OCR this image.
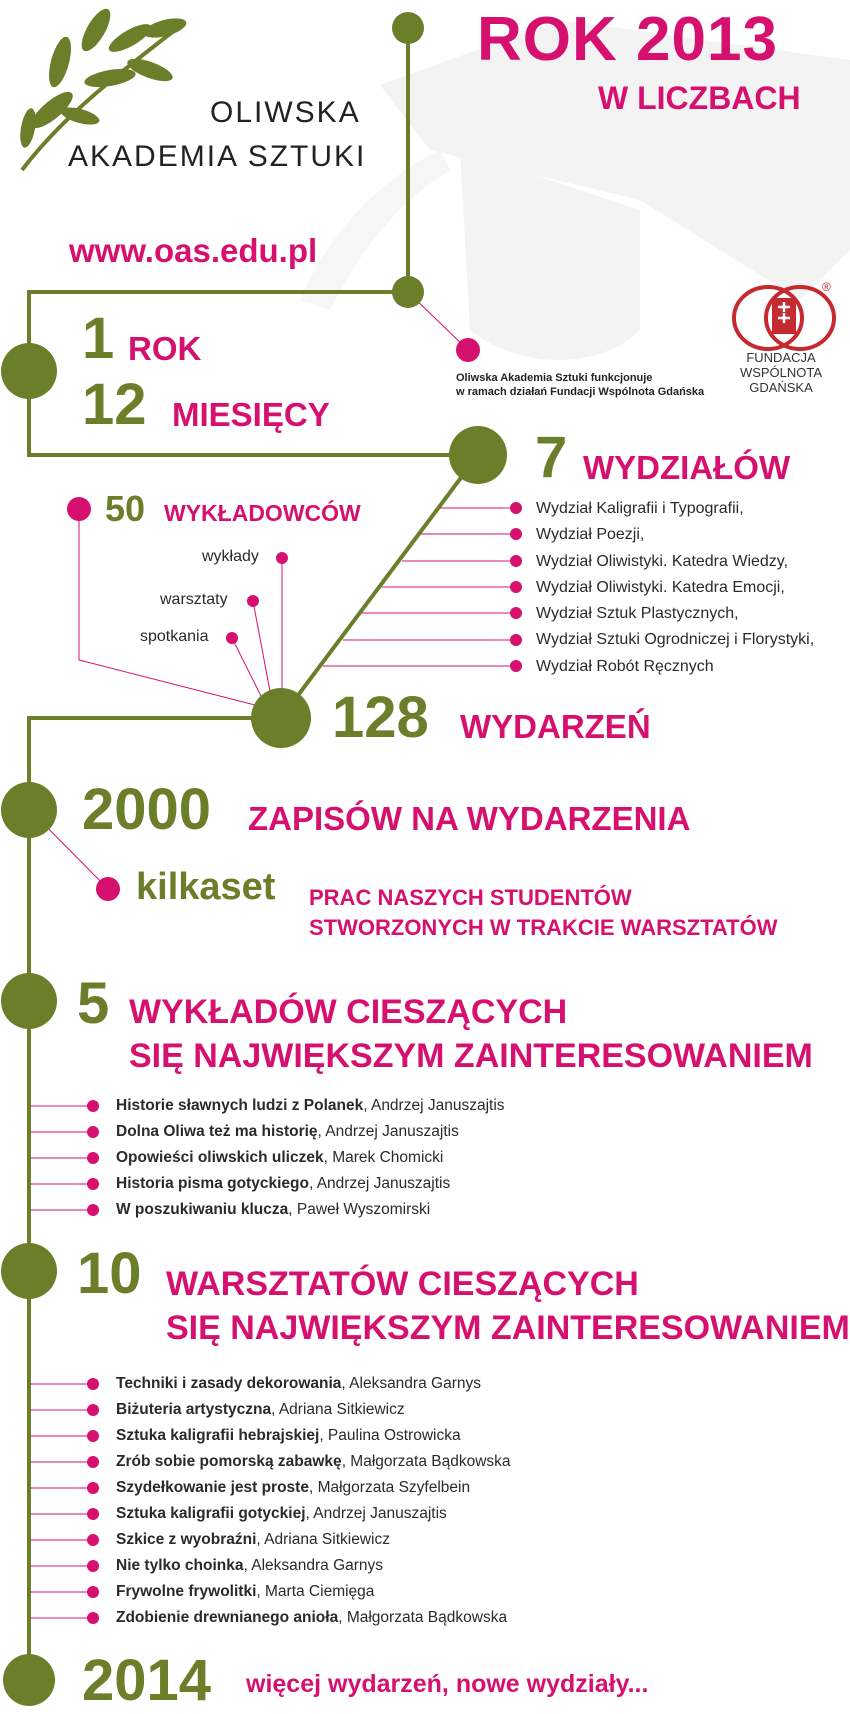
ROK 2013
W LICZBACH
OLIWSKA
AKADEMIA SZTUKI
www.oas.edu.pl
Oliwska Akademia Sztuki funkcjonuje
w ramach działań Fundacji Wspólnota Gdańska
FUNDACJA
WSPÓLNOTA
GDAŃSKA
®
1 ROK
12 MIESIĘCY
7 WYDZIAŁÓW
Wydział Kaligrafii i Typografii,
Wydział Poezji,
Wydział Oliwistyki. Katedra Wiedzy,
Wydział Oliwistyki. Katedra Emocji,
Wydział Sztuk Plastycznych,
Wydział Sztuki Ogrodniczej i Florystyki,
Wydział Robót Ręcznych
50 WYKŁADOWCÓW
wykłady
warsztaty
spotkania
128 WYDARZEŃ
2000 ZAPISÓW NA WYDARZENIA
kilkaset PRAC NASZYCH STUDENTÓW
STWORZONYCH W TRAKCIE WARSZTATÓW
5 WYKŁADÓW CIESZĄCYCH
SIĘ NAJWIĘKSZYM ZAINTERESOWANIEM
Historie sławnych ludzi z Polanek, Andrzej Januszajtis
Dolna Oliwa też ma historię, Andrzej Januszajtis
Opowieści oliwskich uliczek, Marek Chomicki
Historia pisma gotyckiego, Andrzej Januszajtis
W poszukiwaniu klucza, Paweł Wyszomirski
10 WARSZTATÓW CIESZĄCYCH
SIĘ NAJWIĘKSZYM ZAINTERESOWANIEM
Techniki i zasady dekorowania, Aleksandra Garnys
Biżuteria artystyczna, Adriana Sitkiewicz
Sztuka kaligrafii hebrajskiej, Paulina Ostrowicka
Zrób sobie pomorską zabawkę, Małgorzata Bądkowska
Szydełkowanie jest proste, Małgorzata Szyfelbein
Sztuka kaligrafii gotyckiej, Andrzej Januszajtis
Szkice z wyobraźni, Adriana Sitkiewicz
Nie tylko choinka, Aleksandra Garnys
Frywolne frywolitki, Marta Ciemięga
Zdobienie drewnianego anioła, Małgorzata Bądkowska
2014 więcej wydarzeń, nowe wydziały...
